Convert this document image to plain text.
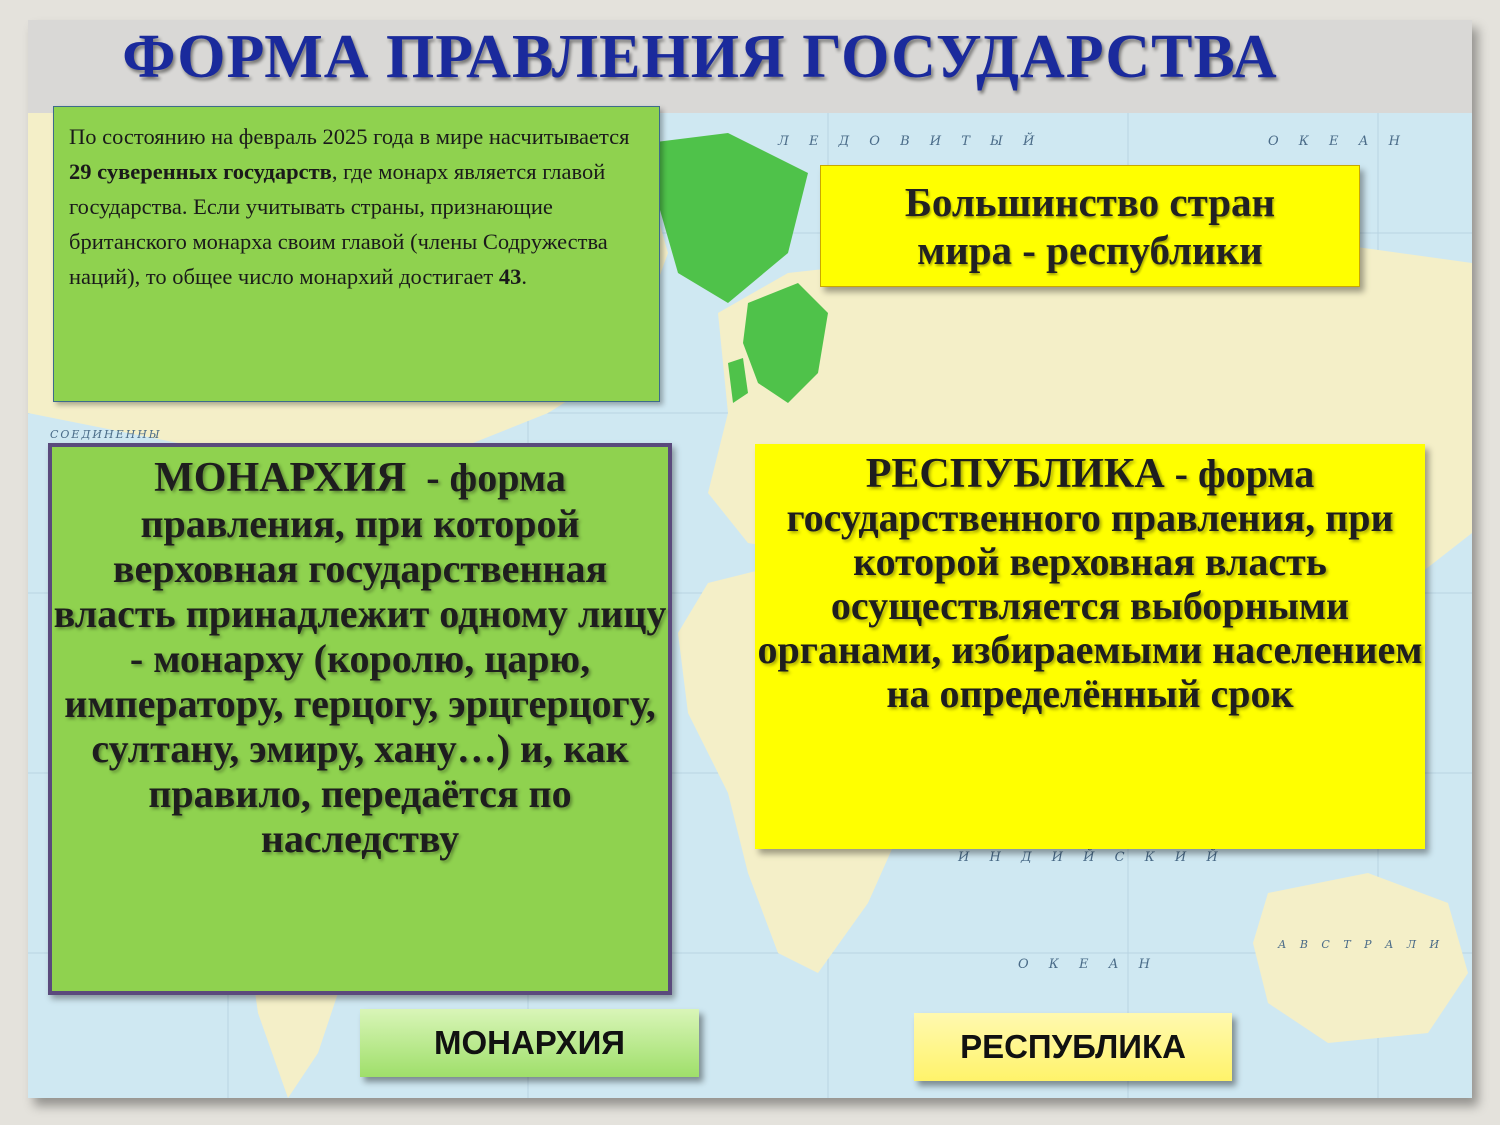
Л Е Д О В И Т Ы Й	О К Е А Н
И Н Д И Й С К И Й
О К Е А Н
А В С Т Р А Л И
СОЕДИНЕННЫ
ФОРМА ПРАВЛЕНИЯ ГОСУДАРСТВА
По состоянию на февраль 2025 года в мире насчитывается 29 суверенных государств, где монарх является главой государства. Если учитывать страны, признающие британского монарха своим главой (члены Содружества наций), то общее число монархий достигает 43.
Большинство стран
мира - республики
МОНАРХИЯ  - форма правления, при которой верховная государственная власть принадлежит одному лицу - монарху (королю, царю, императору, герцогу, эрцгерцогу, султану, эмиру, хану…) и, как правило, передаётся по наследству
РЕСПУБЛИКА - форма государственного правления, при которой верховная власть осуществляется выборными органами, избираемыми населением на определённый срок
МОНАРХИЯ	РЕСПУБЛИКА
